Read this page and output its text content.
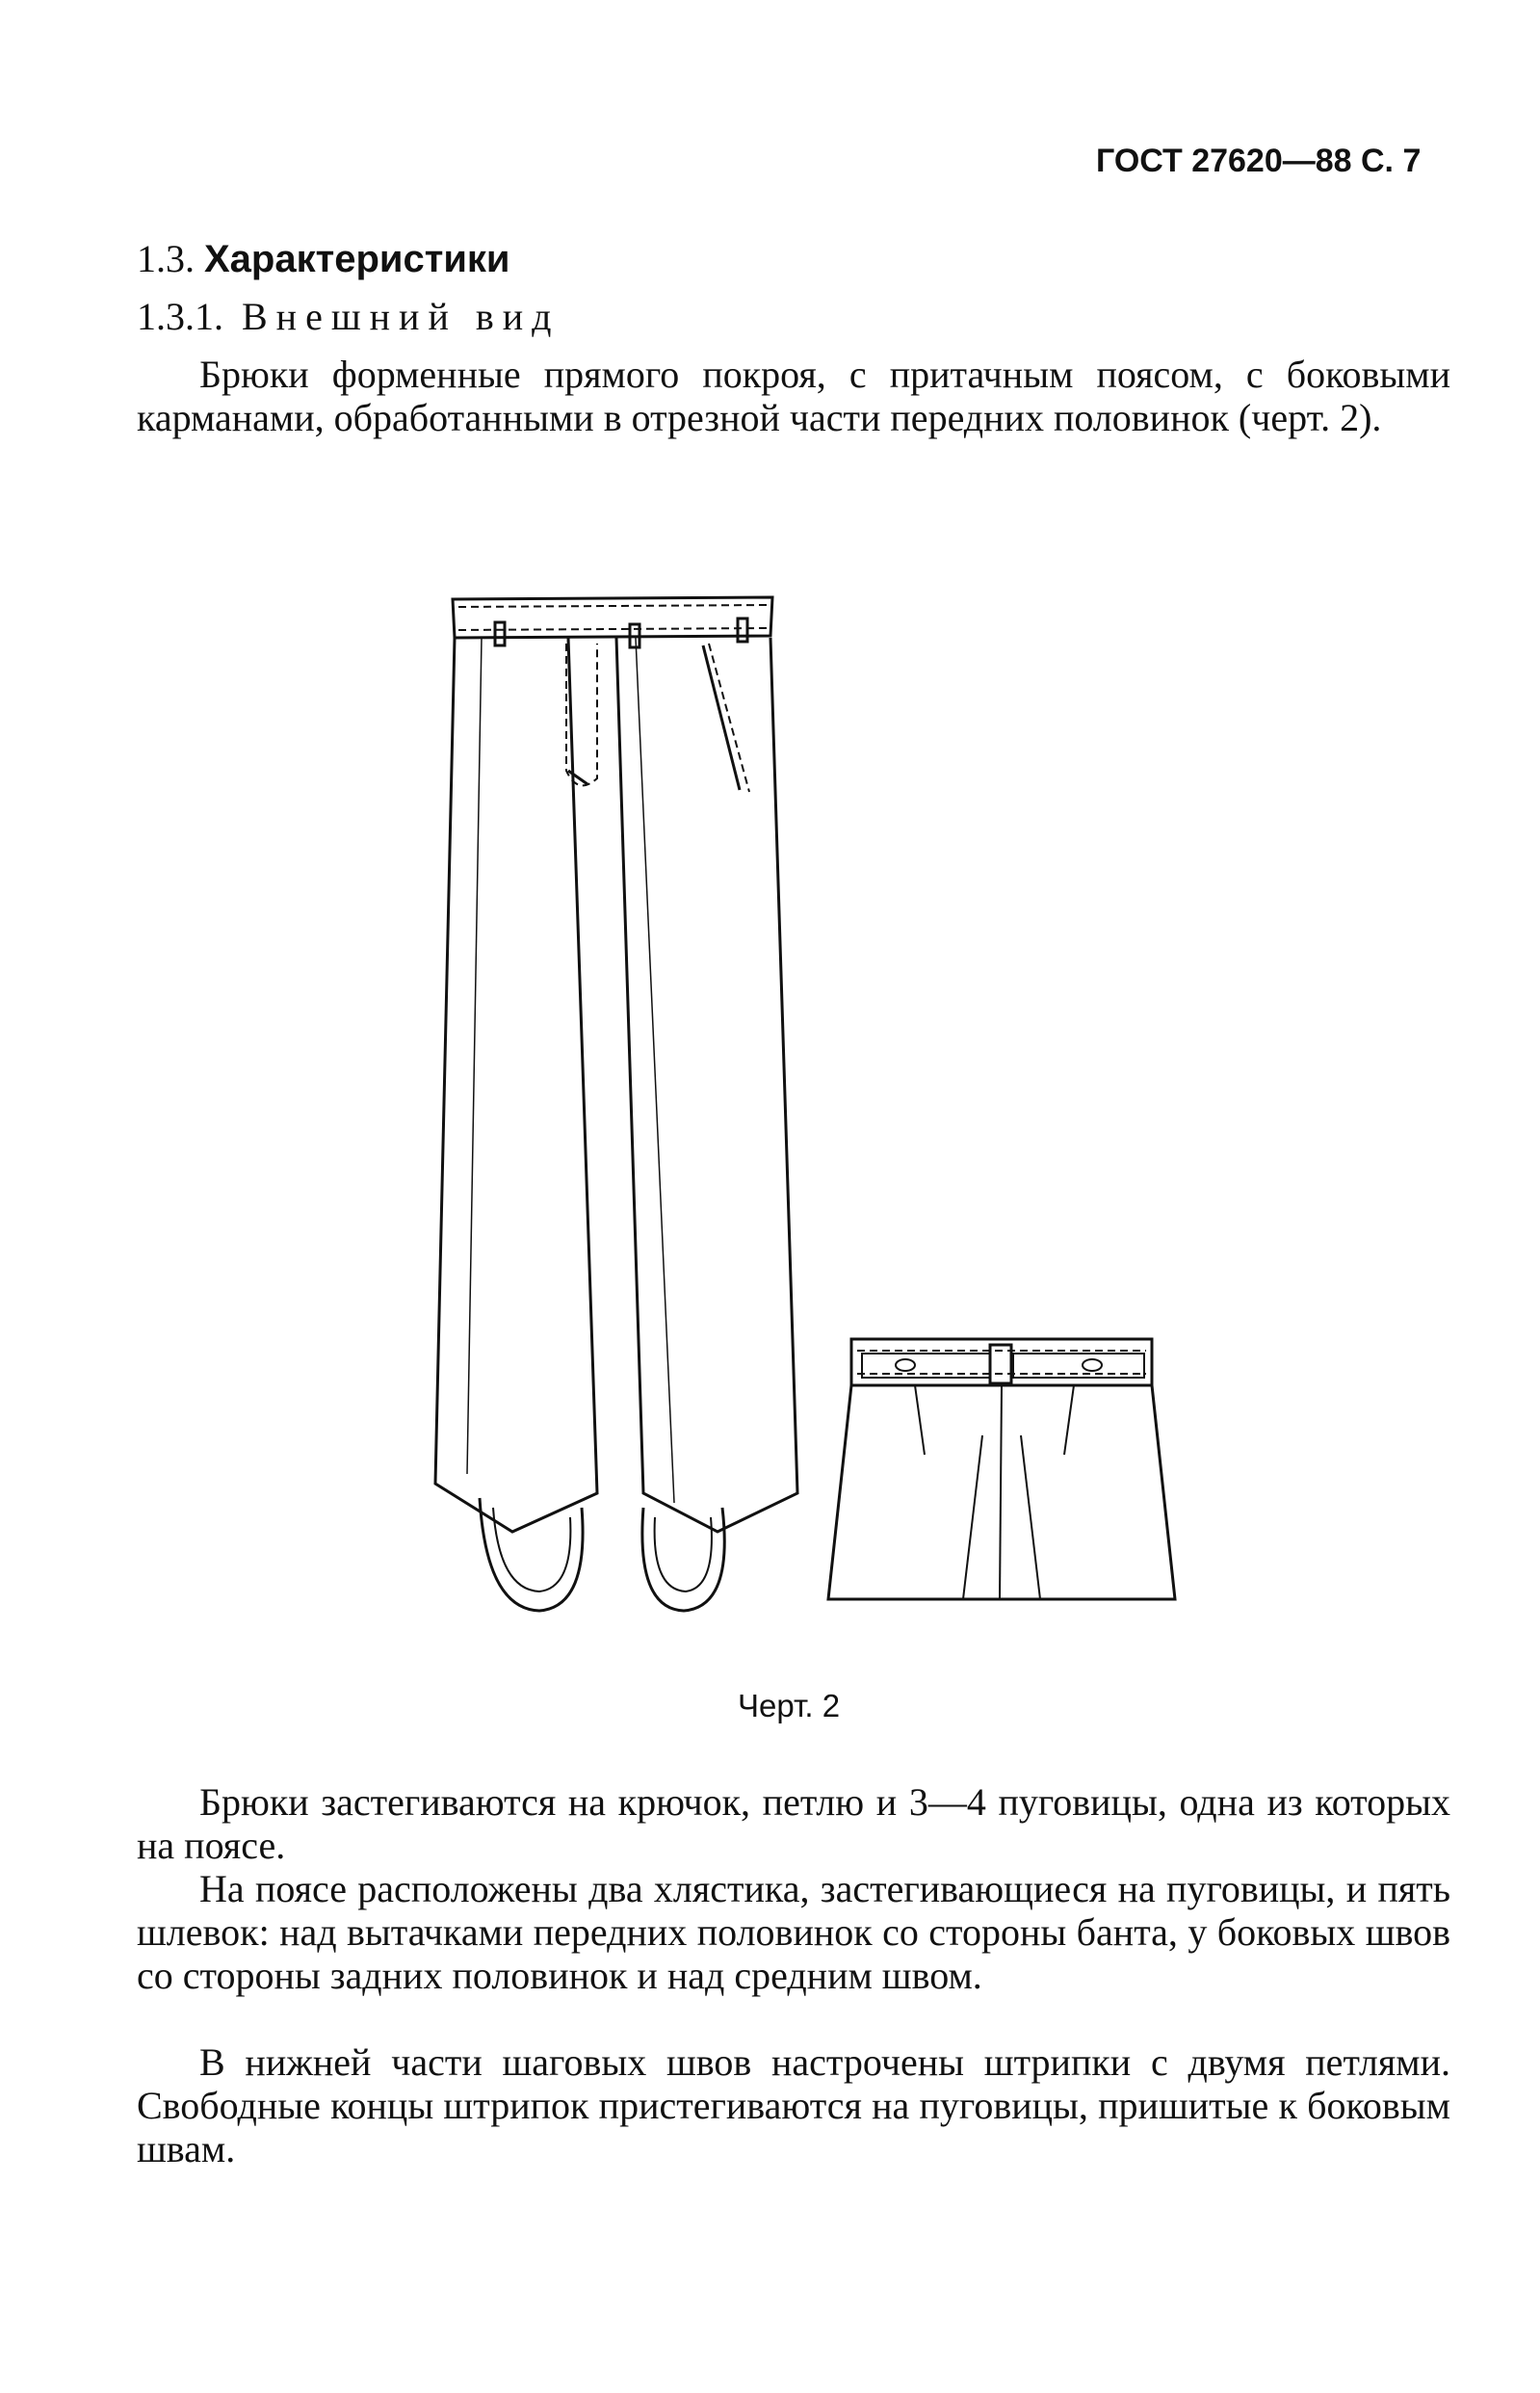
ГОСТ 27620—88 С. 7
1.3. Характеристики
1.3.1. Внешний вид
Брюки форменные прямого покроя, с притачным поясом, с боковыми карманами, обработанными в отрезной части передних половинок (черт. 2).
Черт. 2
Брюки застегиваются на крючок, петлю и 3—4 пуговицы, одна из которых на поясе.
На поясе расположены два хлястика, застегивающиеся на пуговицы, и пять шлевок: над вытачками передних половинок со стороны банта, у боковых швов со стороны задних половинок и над средним швом.
В нижней части шаговых швов настрочены штрипки с двумя петлями. Свободные концы штрипок пристегиваются на пуговицы, пришитые к боковым швам.
